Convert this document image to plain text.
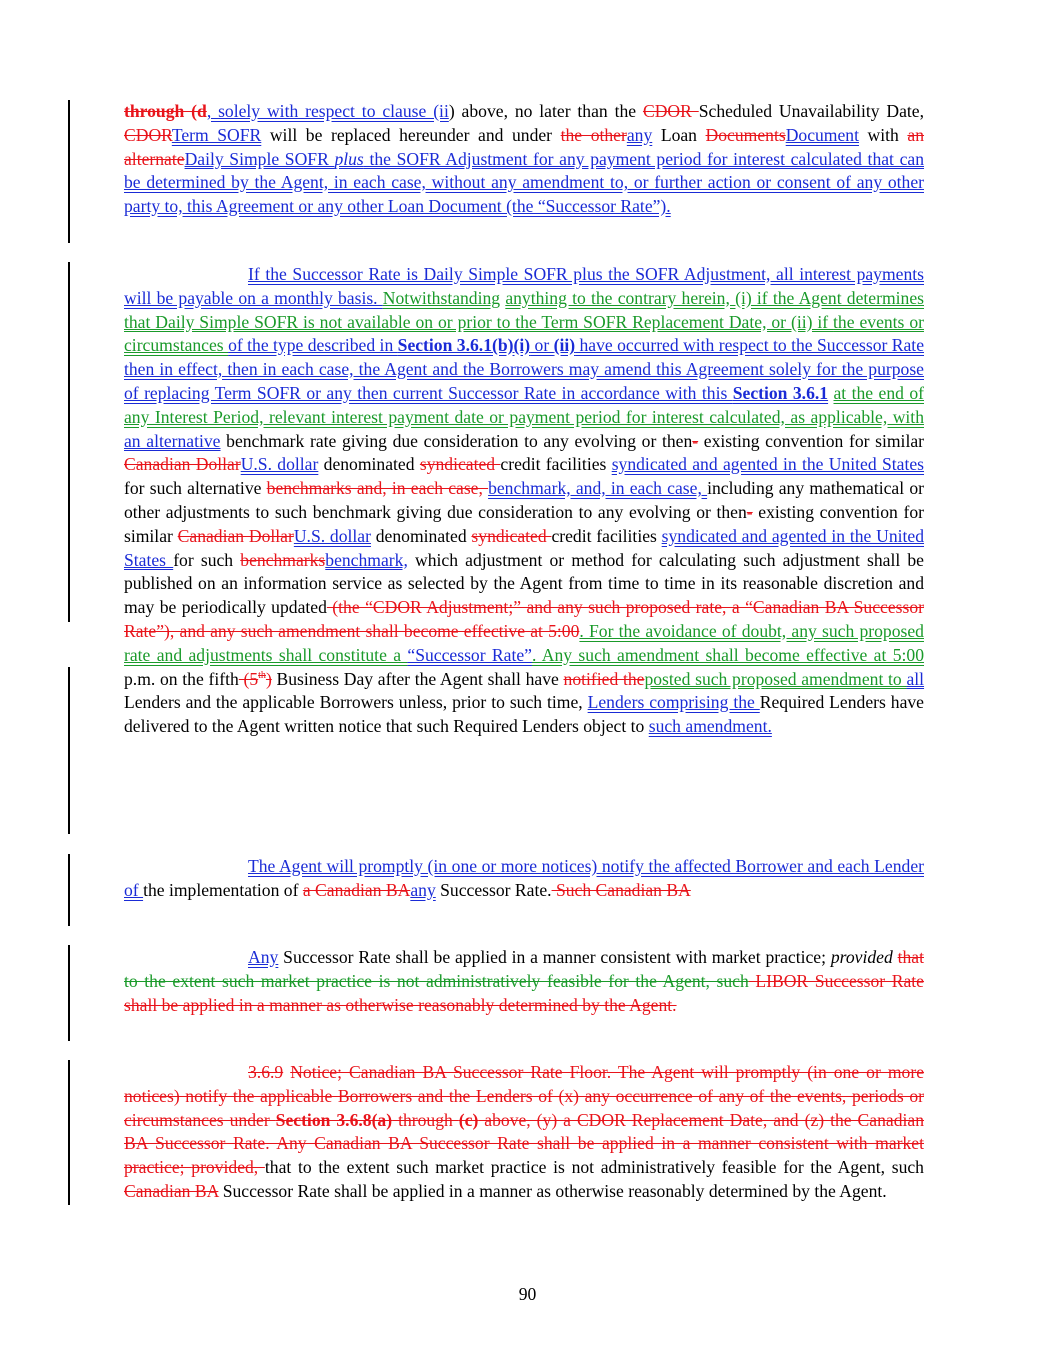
through (d, solely with respect to clause (ii) above, no later than the CDOR Scheduled Unavailability Date, CDORTerm SOFR will be replaced hereunder and under the otherany Loan DocumentsDocument with an alternateDaily Simple SOFR plus the SOFR Adjustment for any payment period for interest calculated that can be determined by the Agent, in each case, without any amendment to, or further action or consent of any other party to, this Agreement or any other Loan Document (the “Successor Rate”).

If the Successor Rate is Daily Simple SOFR plus the SOFR Adjustment, all interest payments will be payable on a monthly basis. Notwithstanding anything to the contrary herein, (i) if the Agent determines that Daily Simple SOFR is not available on or prior to the Term SOFR Replacement Date, or (ii) if the events or circumstances of the type described in Section 3.6.1(b)(i) or (ii) have occurred with respect to the Successor Rate then in effect, then in each case, the Agent and the Borrowers may amend this Agreement solely for the purpose of replacing Term SOFR or any then current Successor Rate in accordance with this Section 3.6.1 at the end of any Interest Period, relevant interest payment date or payment period for interest calculated, as applicable, with an alternative benchmark rate giving due consideration to any evolving or then- existing convention for similar Canadian DollarU.S. dollar denominated syndicated credit facilities syndicated and agented in the United States for such alternative benchmarks and, in each case, benchmark, and, in each case, including any mathematical or other adjustments to such benchmark giving due consideration to any evolving or then- existing convention for similar Canadian DollarU.S. dollar denominated syndicated credit facilities syndicated and agented in the United States for such benchmarksbenchmark, which adjustment or method for calculating such adjustment shall be published on an information service as selected by the Agent from time to time in its reasonable discretion and may be periodically updated (the “CDOR Adjustment;” and any such proposed rate, a “Canadian BA Successor Rate”), and any such amendment shall become effective at 5:00. For the avoidance of doubt, any such proposed rate and adjustments shall constitute a “Successor Rate”. Any such amendment shall become effective at 5:00 p.m. on the fifth (5th) Business Day after the Agent shall have notified theposted such proposed amendment to all Lenders and the applicable Borrowers unless, prior to such time, Lenders comprising the Required Lenders have delivered to the Agent written notice that such Required Lenders object to such amendment.

The Agent will promptly (in one or more notices) notify the affected Borrower and each Lender of the implementation of a Canadian BAany Successor Rate. Such Canadian BA

Any Successor Rate shall be applied in a manner consistent with market practice; provided that to the extent such market practice is not administratively feasible for the Agent, such LIBOR Successor Rate shall be applied in a manner as otherwise reasonably determined by the Agent.

3.6.9 Notice; Canadian BA Successor Rate Floor. The Agent will promptly (in one or more notices) notify the applicable Borrowers and the Lenders of (x) any occurrence of any of the events, periods or circumstances under Section 3.6.8(a) through (c) above, (y) a CDOR Replacement Date, and (z) the Canadian BA Successor Rate. Any Canadian BA Successor Rate shall be applied in a manner consistent with market practice; provided, that to the extent such market practice is not administratively feasible for the Agent, such Canadian BA Successor Rate shall be applied in a manner as otherwise reasonably determined by the Agent.

90
